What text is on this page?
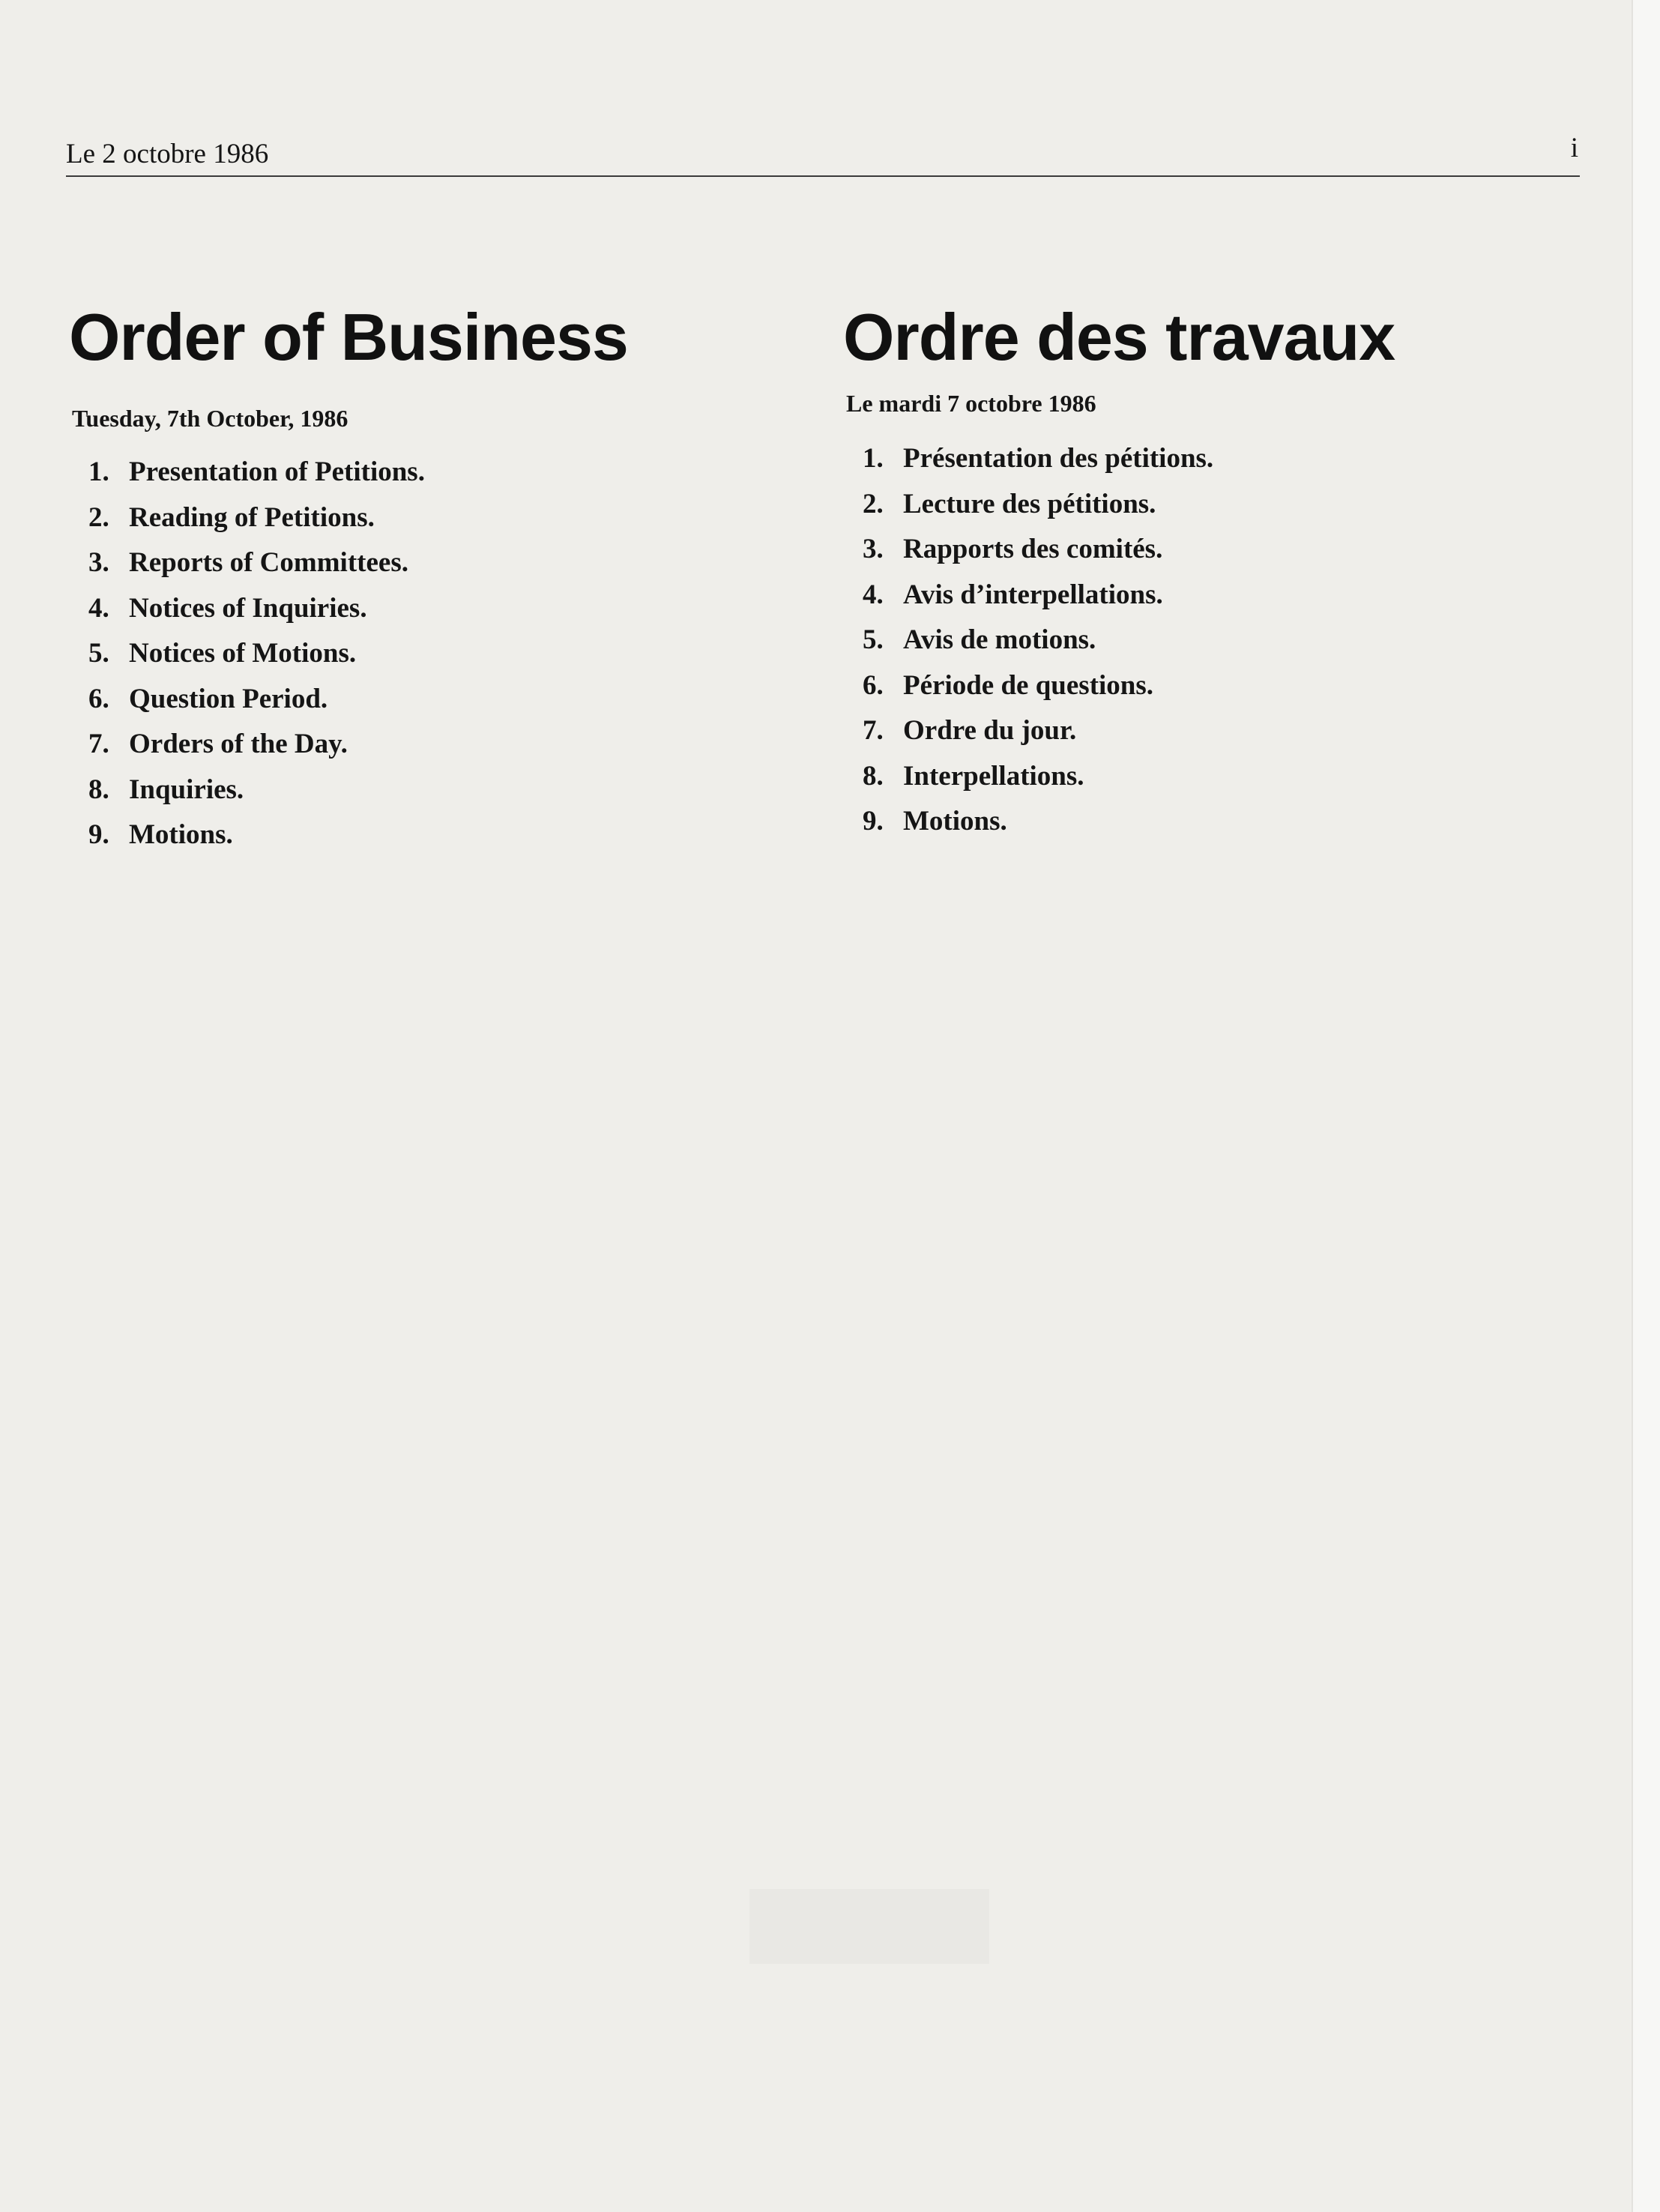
Le 2 octobre 1986	i
Order of Business

Tuesday, 7th October, 1986

1. Presentation of Petitions.
2. Reading of Petitions.
3. Reports of Committees.
4. Notices of Inquiries.
5. Notices of Motions.
6. Question Period.
7. Orders of the Day.
8. Inquiries.
9. Motions.
Ordre des travaux

Le mardi 7 octobre 1986

1. Présentation des pétitions.
2. Lecture des pétitions.
3. Rapports des comités.
4. Avis d’interpellations.
5. Avis de motions.
6. Période de questions.
7. Ordre du jour.
8. Interpellations.
9. Motions.
